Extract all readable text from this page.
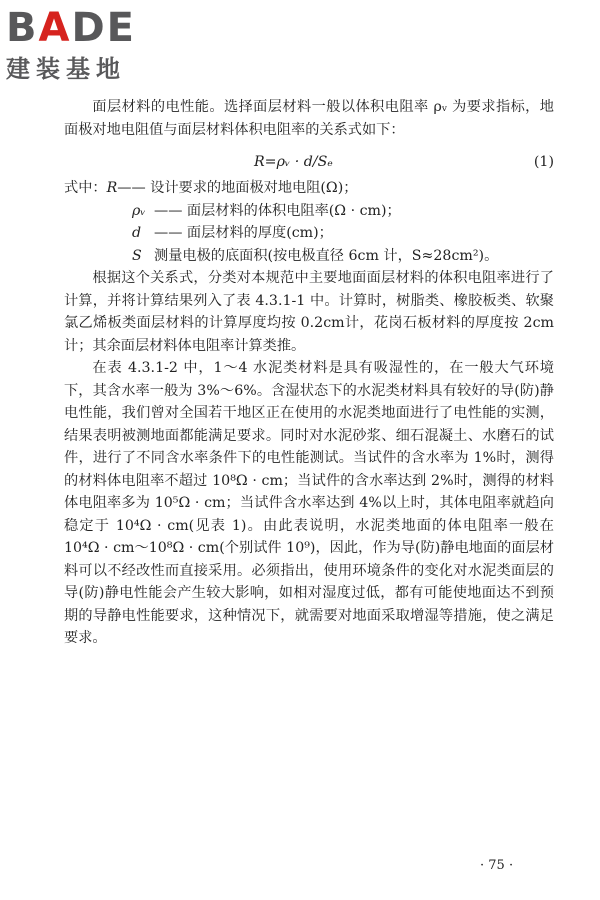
BADE
建装基地

面层材料的电性能。选择面层材料一般以体积电阻率 ρᵥ 为要求指标，地面极对地电阻值与面层材料体积电阻率的关系式如下：

R=ρᵥ · d/Sₑ	(1)

式中：R—— 设计要求的地面极对地电阻(Ω)；

ρᵥ —— 面层材料的体积电阻率(Ω · cm)；

d —— 面层材料的厚度(cm)；

S 测量电极的底面积(按电极直径 6cm 计，S≈28cm²)。

根据这个关系式，分类对本规范中主要地面面层材料的体积电阻率进行了计算，并将计算结果列入了表 4.3.1-1 中。计算时，树脂类、橡胶板类、软聚氯乙烯板类面层材料的计算厚度均按 0.2cm计，花岗石板材料的厚度按 2cm 计；其余面层材料体电阻率计算类推。

在表 4.3.1-2 中，1～4 水泥类材料是具有吸湿性的，在一般大气环境下，其含水率一般为 3%～6%。含湿状态下的水泥类材料具有较好的导(防)静电性能，我们曾对全国若干地区正在使用的水泥类地面进行了电性能的实测，结果表明被测地面都能满足要求。同时对水泥砂浆、细石混凝土、水磨石的试件，进行了不同含水率条件下的电性能测试。当试件的含水率为 1%时，测得的材料体电阻率不超过 10⁸Ω · cm；当试件的含水率达到 2%时，测得的材料体电阻率多为 10⁵Ω · cm；当试件含水率达到 4%以上时，其体电阻率就趋向稳定于 10⁴Ω · cm(见表 1)。由此表说明，水泥类地面的体电阻率一般在 10⁴Ω · cm～10⁸Ω · cm(个别试件 10⁹)，因此，作为导(防)静电地面的面层材料可以不经改性而直接采用。必须指出，使用环境条件的变化对水泥类面层的导(防)静电性能会产生较大影响，如相对湿度过低，都有可能使地面达不到预期的导静电性能要求，这种情况下，就需要对地面采取增湿等措施，使之满足要求。

· 75 ·
